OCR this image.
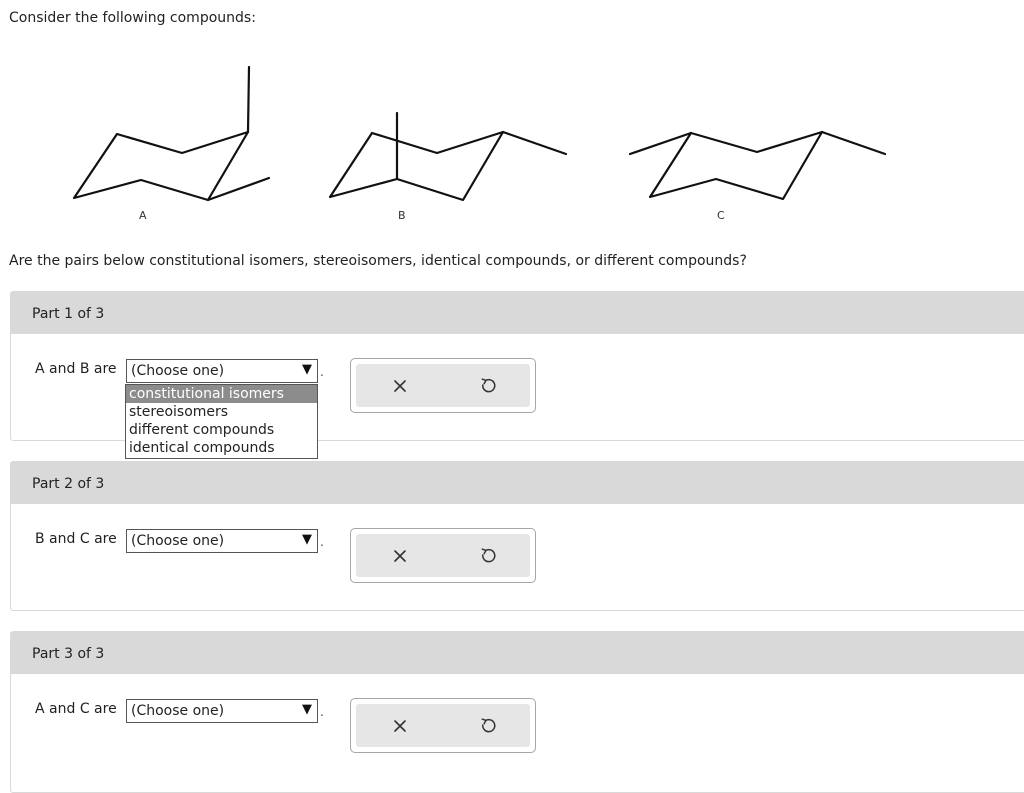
Consider the following compounds:
A	B	C
Are the pairs below constitutional isomers, stereoisomers, identical compounds, or different compounds?
Part 1 of 3
A and B are (Choose one)	▼ .
Part 2 of 3
B and C are (Choose one)	▼ .
Part 3 of 3
A and C are (Choose one)	▼ .
constitutional isomers
stereoisomers
different compounds
identical compounds
